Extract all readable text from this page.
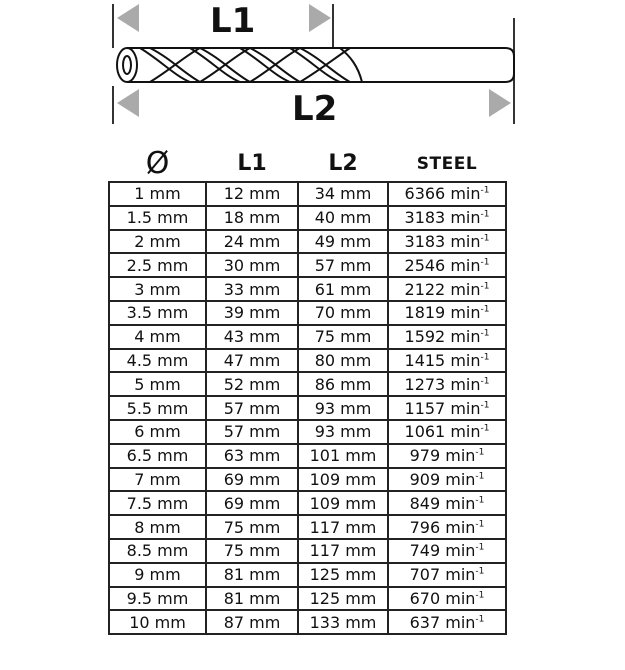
L1
L2
Ø	L1	L2	STEEL
1 mm	12 mm	34 mm	6366 $\min^{-1}$
1.5 mm	18 mm	40 mm	3183 $\min^{-1}$
2 mm	24 mm	49 mm	3183 $\min^{-1}$
2.5 mm	30 mm	57 mm	2546 $\min^{-1}$
3 mm	33 mm	61 mm	2122 $\min^{-1}$
3.5 mm	39 mm	70 mm	1819 $\min^{-1}$
4 mm	43 mm	75 mm	1592 $\min^{-1}$
4.5 mm	47 mm	80 mm	1415 $\min^{-1}$
5 mm	52 mm	86 mm	1273 $\min^{-1}$
5.5 mm	57 mm	93 mm	1157 $\min^{-1}$
6 mm	57 mm	93 mm	1061 $\min^{-1}$
6.5 mm	63 mm	101 mm	979 $\min^{-1}$
7 mm	69 mm	109 mm	909 $\min^{-1}$
7.5 mm	69 mm	109 mm	849 $\min^{-1}$
8 mm	75 mm	117 mm	796 $\min^{-1}$
8.5 mm	75 mm	117 mm	749 $\min^{-1}$
9 mm	81 mm	125 mm	707 $\min^{-1}$
9.5 mm	81 mm	125 mm	670 $\min^{-1}$
10 mm	87 mm	133 mm	637 $\min^{-1}$
